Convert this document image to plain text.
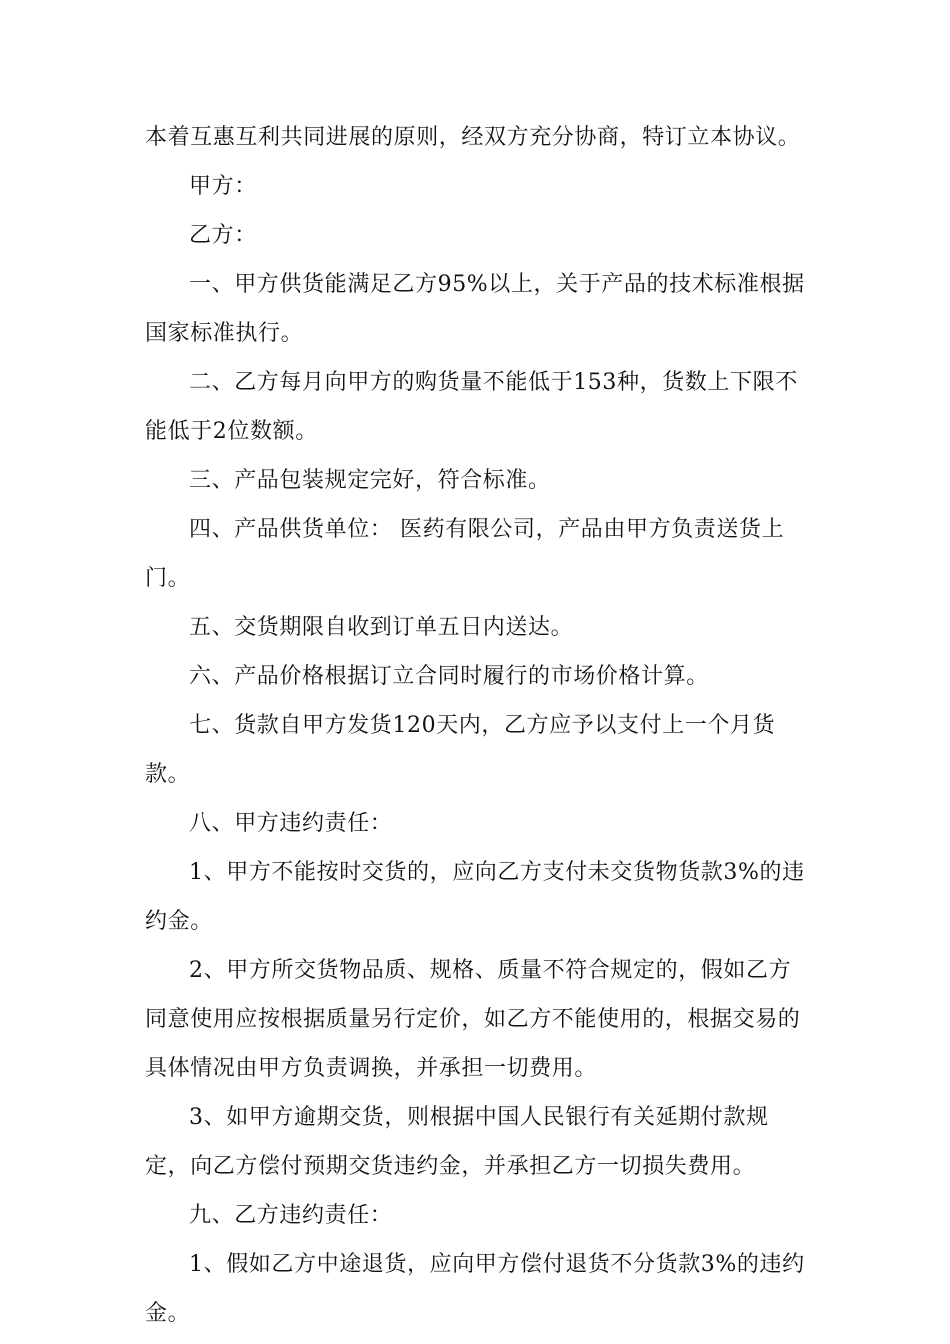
本着互惠互利共同进展的原则，经双方充分协商，特订立本协议。

甲方：

乙方：

一、甲方供货能满足乙方95%以上，关于产品的技术标准根据国家标准执行。

二、乙方每月向甲方的购货量不能低于153种，货数上下限不能低于2位数额。

三、产品包装规定完好，符合标准。

四、产品供货单位： 医药有限公司，产品由甲方负责送货上门。

五、交货期限自收到订单五日内送达。

六、产品价格根据订立合同时履行的市场价格计算。

七、货款自甲方发货120天内，乙方应予以支付上一个月货款。

八、甲方违约责任：

1、甲方不能按时交货的，应向乙方支付未交货物货款3%的违约金。

2、甲方所交货物品质、规格、质量不符合规定的，假如乙方同意使用应按根据质量另行定价，如乙方不能使用的，根据交易的具体情况由甲方负责调换，并承担一切费用。

3、如甲方逾期交货，则根据中国人民银行有关延期付款规定，向乙方偿付预期交货违约金，并承担乙方一切损失费用。

九、乙方违约责任：

1、假如乙方中途退货，应向甲方偿付退货不分货款3%的违约金。
